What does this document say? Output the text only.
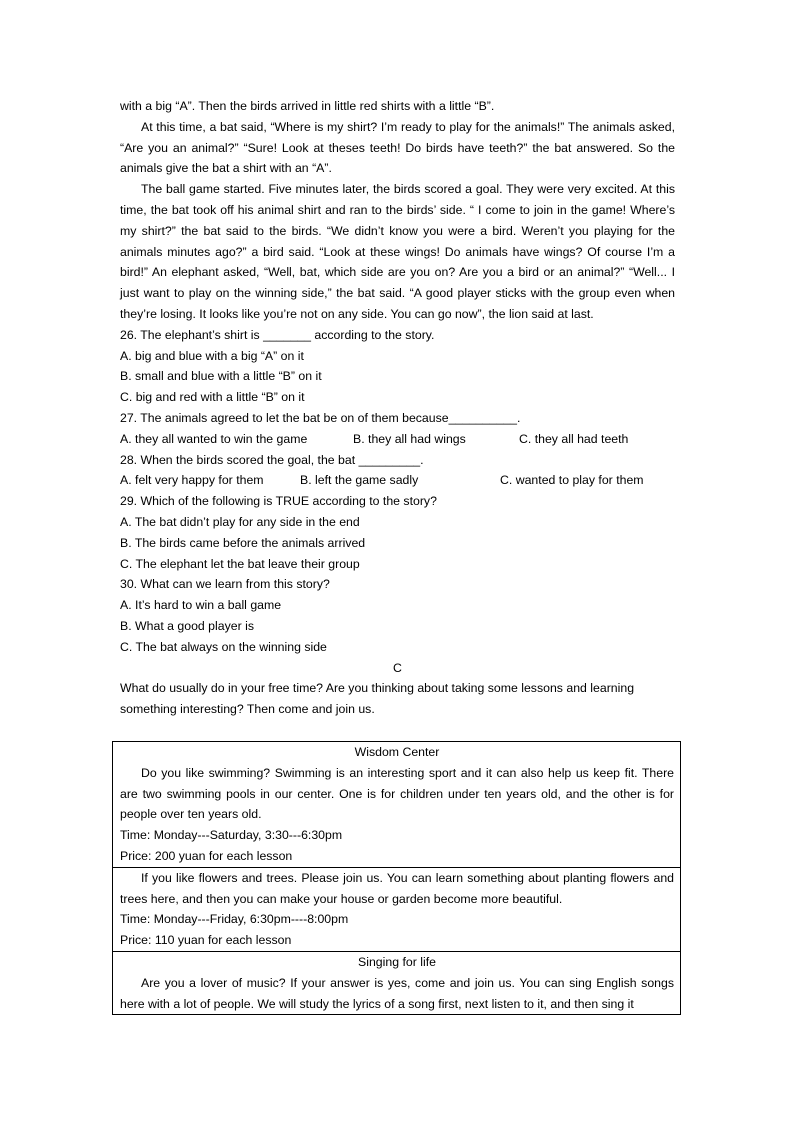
with a big “A”. Then the birds arrived in little red shirts with a little “B”.

At this time, a bat said, “Where is my shirt? I’m ready to play for the animals!” The animals asked, “Are you an animal?” “Sure! Look at theses teeth! Do birds have teeth?” the bat answered. So the animals give the bat a shirt with an “A”.

The ball game started. Five minutes later, the birds scored a goal. They were very excited. At this time, the bat took off his animal shirt and ran to the birds’ side. “ I come to join in the game! Where’s my shirt?” the bat said to the birds. “We didn’t know you were a bird. Weren’t you playing for the animals minutes ago?” a bird said. “Look at these wings! Do animals have wings? Of course I’m a bird!” An elephant asked, “Well, bat, which side are you on? Are you a bird or an animal?” “Well... I just want to play on the winning side,” the bat said. “A good player sticks with the group even when they’re losing. It looks like you’re not on any side. You can go now”, the lion said at last.

26. The elephant’s shirt is _______ according to the story.

A. big and blue with a big “A” on it

B. small and blue with a little “B” on it

C. big and red with a little “B” on it

27. The animals agreed to let the bat be on of them because__________.

A. they all wanted to win the game	B. they all had wings	C. they all had teeth

28. When the birds scored the goal, the bat _________.

A. felt very happy for them	B. left the game sadly	C. wanted to play for them

29. Which of the following is TRUE according to the story?

A. The bat didn’t play for any side in the end

B. The birds came before the animals arrived

C. The elephant let the bat leave their group

30. What can we learn from this story?

A. It’s hard to win a ball game

B. What a good player is

C. The bat always on the winning side

C

What do usually do in your free time? Are you thinking about taking some lessons and learning something interesting? Then come and join us.

Wisdom Center
Do you like swimming? Swimming is an interesting sport and it can also help us keep fit. There are two swimming pools in our center. One is for children under ten years old, and the other is for people over ten years old.
Time: Monday---Saturday, 3:30---6:30pm
Price: 200 yuan for each lesson

If you like flowers and trees. Please join us. You can learn something about planting flowers and trees here, and then you can make your house or garden become more beautiful.
Time: Monday---Friday, 6:30pm----8:00pm
Price: 110 yuan for each lesson

Singing for life
Are you a lover of music? If your answer is yes, come and join us. You can sing English songs here with a lot of people. We will study the lyrics of a song first, next listen to it, and then sing it
